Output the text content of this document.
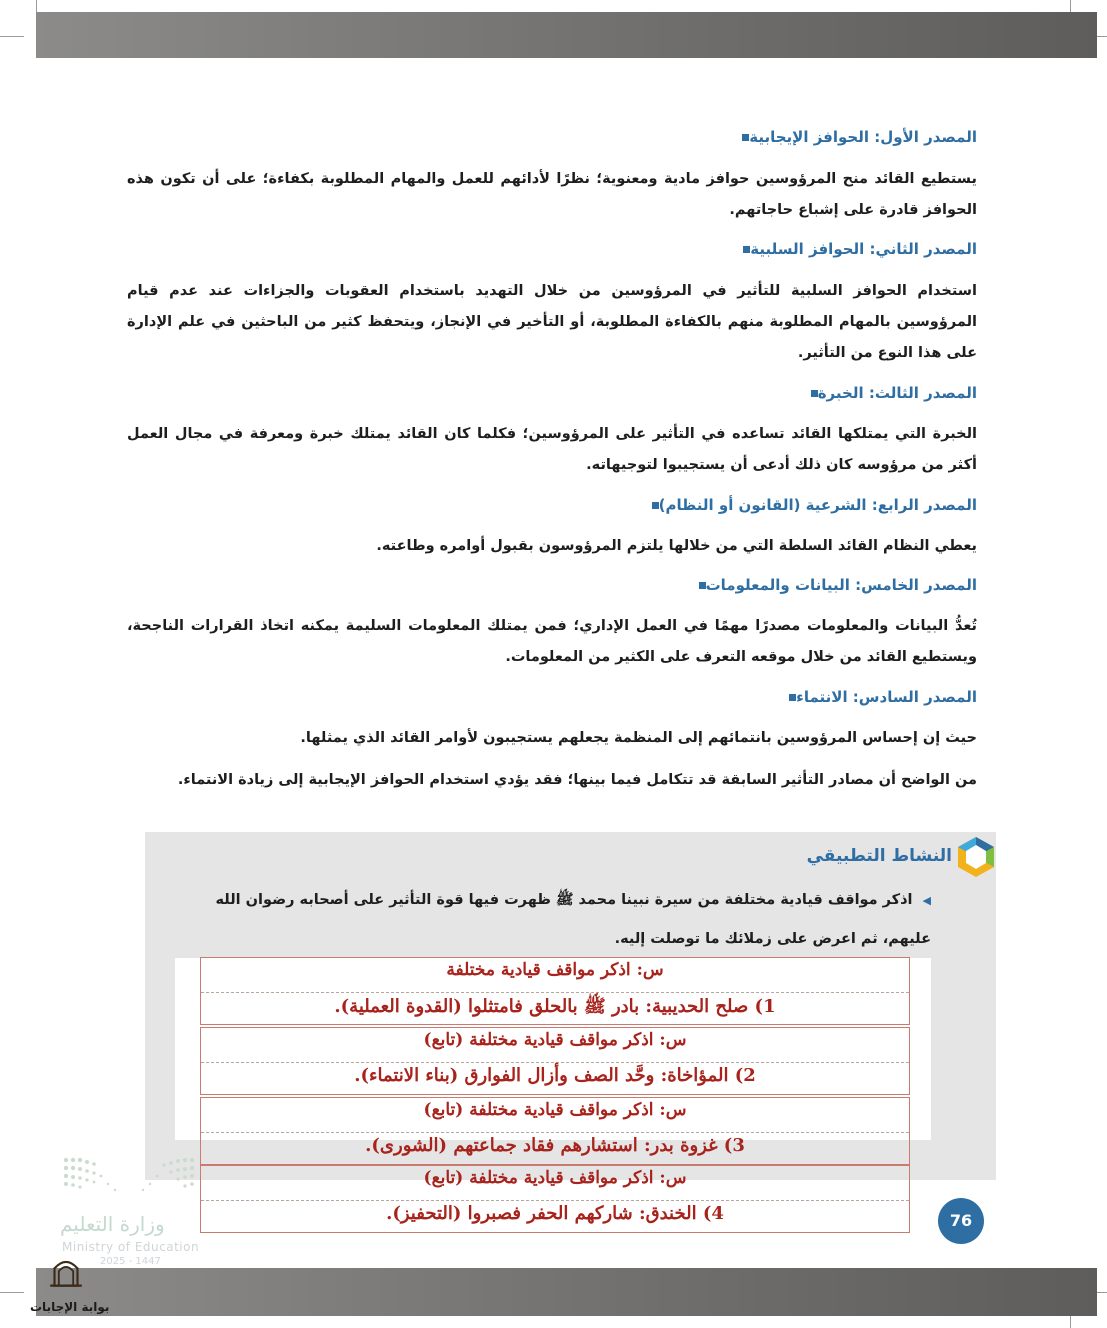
المصدر الأول: الحوافز الإيجابية
يستطيع القائد منح المرؤوسين حوافز مادية ومعنوية؛ نظرًا لأدائهم للعمل والمهام المطلوبة بكفاءة؛ على أن تكون هذه الحوافز قادرة على إشباع حاجاتهم.
المصدر الثاني: الحوافز السلبية
استخدام الحوافز السلبية للتأثير في المرؤوسين من خلال التهديد باستخدام العقوبات والجزاءات عند عدم قيام المرؤوسين بالمهام المطلوبة منهم بالكفاءة المطلوبة، أو التأخير في الإنجاز، ويتحفظ كثير من الباحثين في علم الإدارة على هذا النوع من التأثير.
المصدر الثالث: الخبرة
الخبرة التي يمتلكها القائد تساعده في التأثير على المرؤوسين؛ فكلما كان القائد يمتلك خبرة ومعرفة في مجال العمل أكثر من مرؤوسه كان ذلك أدعى أن يستجيبوا لتوجيهاته.
المصدر الرابع: الشرعية (القانون أو النظام)
يعطي النظام القائد السلطة التي من خلالها يلتزم المرؤوسون بقبول أوامره وطاعته.
المصدر الخامس: البيانات والمعلومات
تُعدُّ البيانات والمعلومات مصدرًا مهمًا في العمل الإداري؛ فمن يمتلك المعلومات السليمة يمكنه اتخاذ القرارات الناجحة، ويستطيع القائد من خلال موقعه التعرف على الكثير من المعلومات.
المصدر السادس: الانتماء
حيث إن إحساس المرؤوسين بانتمائهم إلى المنظمة يجعلهم يستجيبون لأوامر القائد الذي يمثلها.
من الواضح أن مصادر التأثير السابقة قد تتكامل فيما بينها؛ فقد يؤدي استخدام الحوافز الإيجابية إلى زيادة الانتماء.
النشاط التطبيقي
◀اذكر مواقف قيادية مختلفة من سيرة نبينا محمد ﷺ ظهرت فيها قوة التأثير على أصحابه رضوان الله عليهم، ثم اعرض على زملائك ما توصلت إليه.
س: اذكر مواقف قيادية مختلفة
1) صلح الحديبية: بادر ﷺ بالحلق فامتثلوا (القدوة العملية).
س: اذكر مواقف قيادية مختلفة (تابع)
2) المؤاخاة: وحَّد الصف وأزال الفوارق (بناء الانتماء).
س: اذكر مواقف قيادية مختلفة (تابع)
3) غزوة بدر: استشارهم فقاد جماعتهم (الشورى).
س: اذكر مواقف قيادية مختلفة (تابع)
4) الخندق: شاركهم الحفر فصبروا (التحفيز).	76
وزارة التعليم
Ministry of Education
2025 - 1447
بوابة الإجابات
